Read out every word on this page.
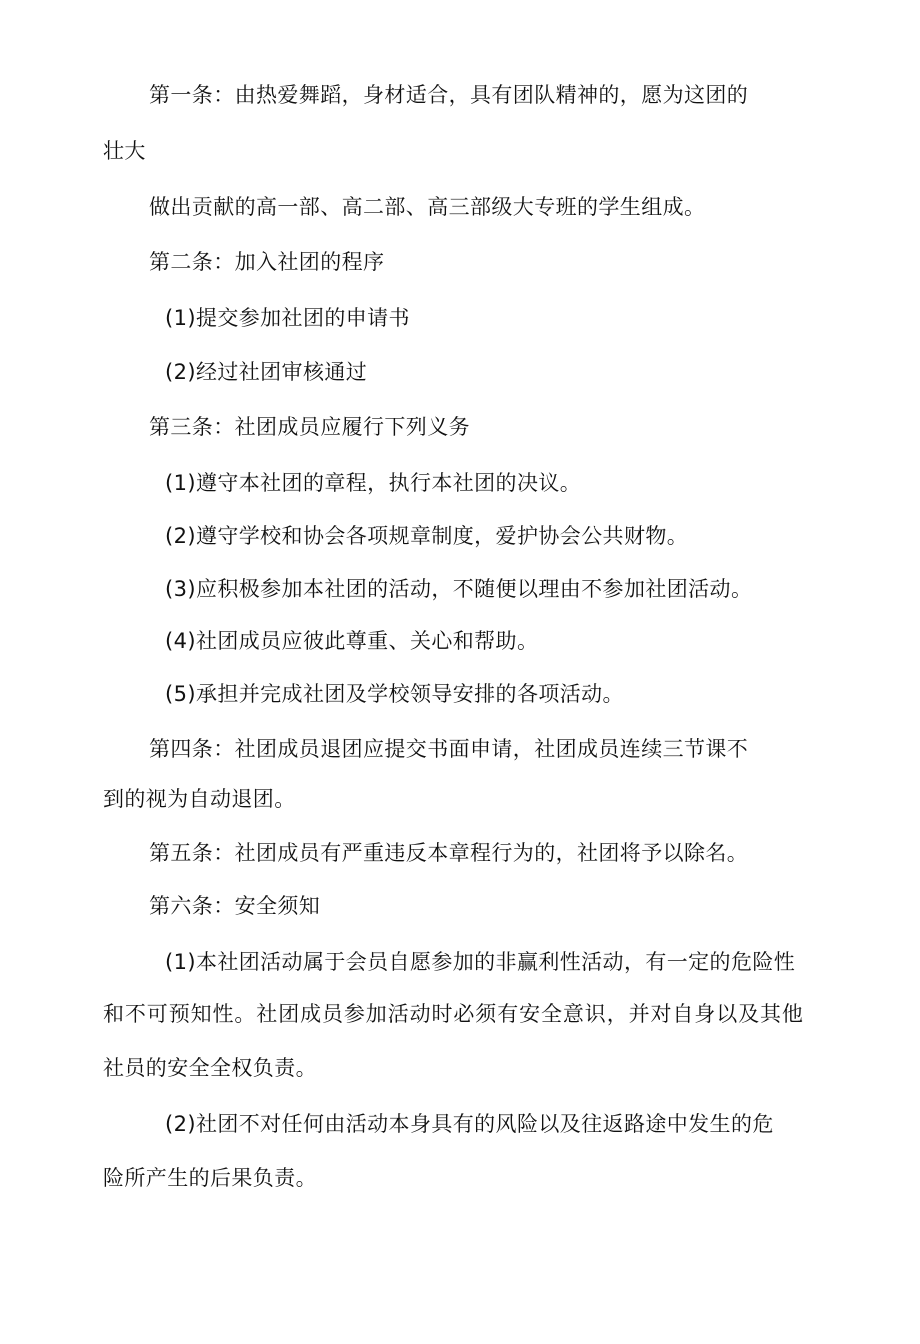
第一条：由热爱舞蹈，身材适合，具有团队精神的，愿为这团的
壮大
做出贡献的高一部、高二部、高三部级大专班的学生组成。
第二条：加入社团的程序
(1)提交参加社团的申请书
(2)经过社团审核通过
第三条：社团成员应履行下列义务
(1)遵守本社团的章程，执行本社团的决议。
(2)遵守学校和协会各项规章制度，爱护协会公共财物。
(3)应积极参加本社团的活动，不随便以理由不参加社团活动。
(4)社团成员应彼此尊重、关心和帮助。
(5)承担并完成社团及学校领导安排的各项活动。
第四条：社团成员退团应提交书面申请，社团成员连续三节课不
到的视为自动退团。
第五条：社团成员有严重违反本章程行为的，社团将予以除名。
第六条：安全须知
(1)本社团活动属于会员自愿参加的非赢利性活动，有一定的危险性
和不可预知性。社团成员参加活动时必须有安全意识，并对自身以及其他
社员的安全全权负责。
(2)社团不对任何由活动本身具有的风险以及往返路途中发生的危
险所产生的后果负责。
